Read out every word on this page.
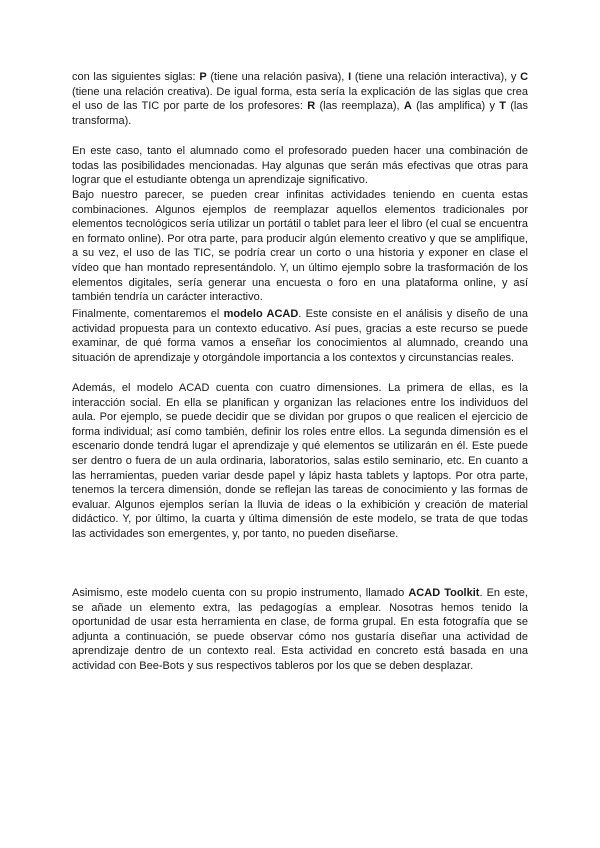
con las siguientes siglas: P (tiene una relación pasiva), I (tiene una relación interactiva), y C (tiene una relación creativa). De igual forma, esta sería la explicación de las siglas que crea el uso de las TIC por parte de los profesores: R (las reemplaza), A (las amplifica) y T (las transforma).

En este caso, tanto el alumnado como el profesorado pueden hacer una combinación de todas las posibilidades mencionadas. Hay algunas que serán más efectivas que otras para lograr que el estudiante obtenga un aprendizaje significativo.

Bajo nuestro parecer, se pueden crear infinitas actividades teniendo en cuenta estas combinaciones. Algunos ejemplos de reemplazar aquellos elementos tradicionales por elementos tecnológicos sería utilizar un portátil o tablet para leer el libro (el cual se encuentra en formato online). Por otra parte, para producir algún elemento creativo y que se amplifique, a su vez, el uso de las TIC, se podría crear un corto o una historia y exponer en clase el vídeo que han montado representándolo. Y, un último ejemplo sobre la trasformación de los elementos digitales, sería generar una encuesta o foro en una plataforma online, y así también tendría un carácter interactivo.

Finalmente, comentaremos el modelo ACAD. Este consiste en el análisis y diseño de una actividad propuesta para un contexto educativo. Así pues, gracias a este recurso se puede examinar, de qué forma vamos a enseñar los conocimientos al alumnado, creando una situación de aprendizaje y otorgándole importancia a los contextos y circunstancias reales.

Además, el modelo ACAD cuenta con cuatro dimensiones. La primera de ellas, es la interacción social. En ella se planifican y organizan las relaciones entre los individuos del aula. Por ejemplo, se puede decidir que se dividan por grupos o que realicen el ejercicio de forma individual; así como también, definir los roles entre ellos. La segunda dimensión es el escenario donde tendrá lugar el aprendizaje y qué elementos se utilizarán en él. Este puede ser dentro o fuera de un aula ordinaria, laboratorios, salas estilo seminario, etc. En cuanto a las herramientas, pueden variar desde papel y lápiz hasta tablets y laptops. Por otra parte, tenemos la tercera dimensión, donde se reflejan las tareas de conocimiento y las formas de evaluar. Algunos ejemplos serían la lluvia de ideas o la exhibición y creación de material didáctico. Y, por último, la cuarta y última dimensión de este modelo, se trata de que todas las actividades son emergentes, y, por tanto, no pueden diseñarse.

Asimismo, este modelo cuenta con su propio instrumento, llamado ACAD Toolkit. En este, se añade un elemento extra, las pedagogías a emplear. Nosotras hemos tenido la oportunidad de usar esta herramienta en clase, de forma grupal. En esta fotografía que se adjunta a continuación, se puede observar cómo nos gustaría diseñar una actividad de aprendizaje dentro de un contexto real. Esta actividad en concreto está basada en una actividad con Bee-Bots y sus respectivos tableros por los que se deben desplazar.
